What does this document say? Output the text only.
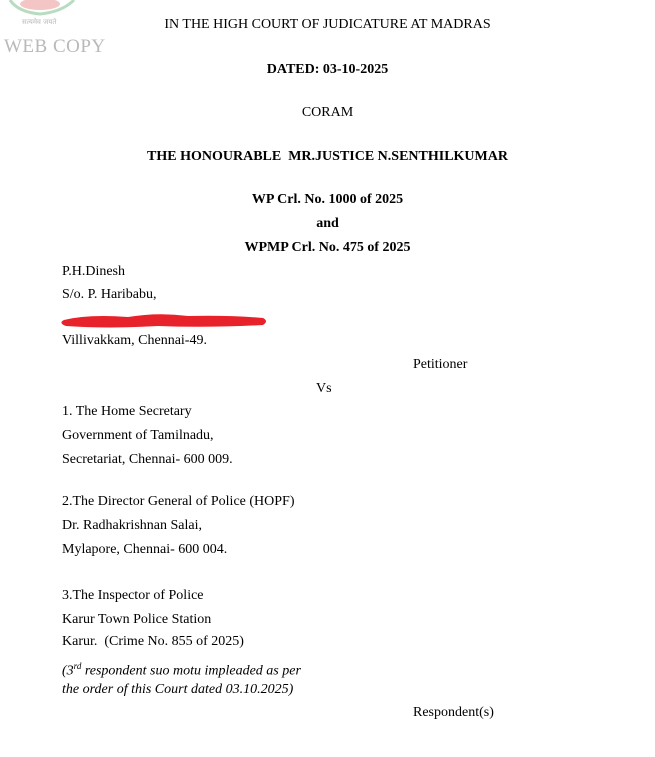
सत्यमेव जयते
WEB COPY
IN THE HIGH COURT OF JUDICATURE AT MADRAS
DATED: 03-10-2025
CORAM
THE HONOURABLE  MR.JUSTICE N.SENTHILKUMAR
WP Crl. No. 1000 of 2025
and
WPMP Crl. No. 475 of 2025
P.H.Dinesh
S/o. P. Haribabu,
Villivakkam, Chennai-49.
Petitioner
Vs
1. The Home Secretary
Government of Tamilnadu,
Secretariat, Chennai- 600 009.
2.The Director General of Police (HOPF)
Dr. Radhakrishnan Salai,
Mylapore, Chennai- 600 004.
3.The Inspector of Police
Karur Town Police Station
Karur.  (Crime No. 855 of 2025)
(3rd respondent suo motu impleaded as per
the order of this Court dated 03.10.2025)
Respondent(s)
